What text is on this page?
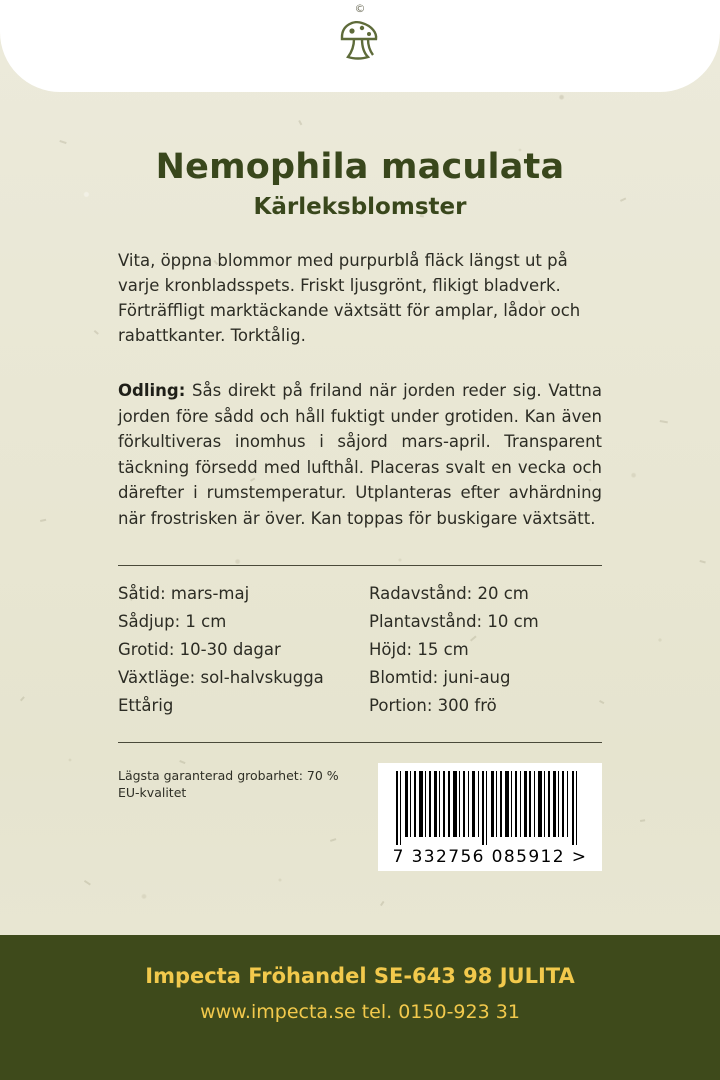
©
Nemophila maculata
Kärleksblomster

Vita, öppna blommor med purpurblå fläck längst ut på varje kronbladsspets. Friskt ljusgrönt, flikigt bladverk. Förträffligt marktäckande växtsätt för amplar, lådor och rabattkanter. Torktålig.

Odling: Sås direkt på friland när jorden reder sig. Vattna jorden före sådd och håll fuktigt under grotiden. Kan även förkultiveras inomhus i såjord mars-april. Transparent täckning försedd med lufthål. Placeras svalt en vecka och därefter i rumstemperatur. Utplanteras efter avhärdning när frostrisken är över. Kan toppas för buskigare växtsätt.

Såtid: mars-maj
Sådjup: 1 cm
Grotid: 10-30 dagar
Växtläge: sol-halvskugga
Ettårig
Radavstånd: 20 cm
Plantavstånd: 10 cm
Höjd: 15 cm
Blomtid: juni-aug
Portion: 300 frö
Lägsta garanterad grobarhet: 70 %
EU-kvalitet
7 332756 085912 >

Impecta Fröhandel SE-643 98 JULITA

www.impecta.se tel. 0150-923 31
